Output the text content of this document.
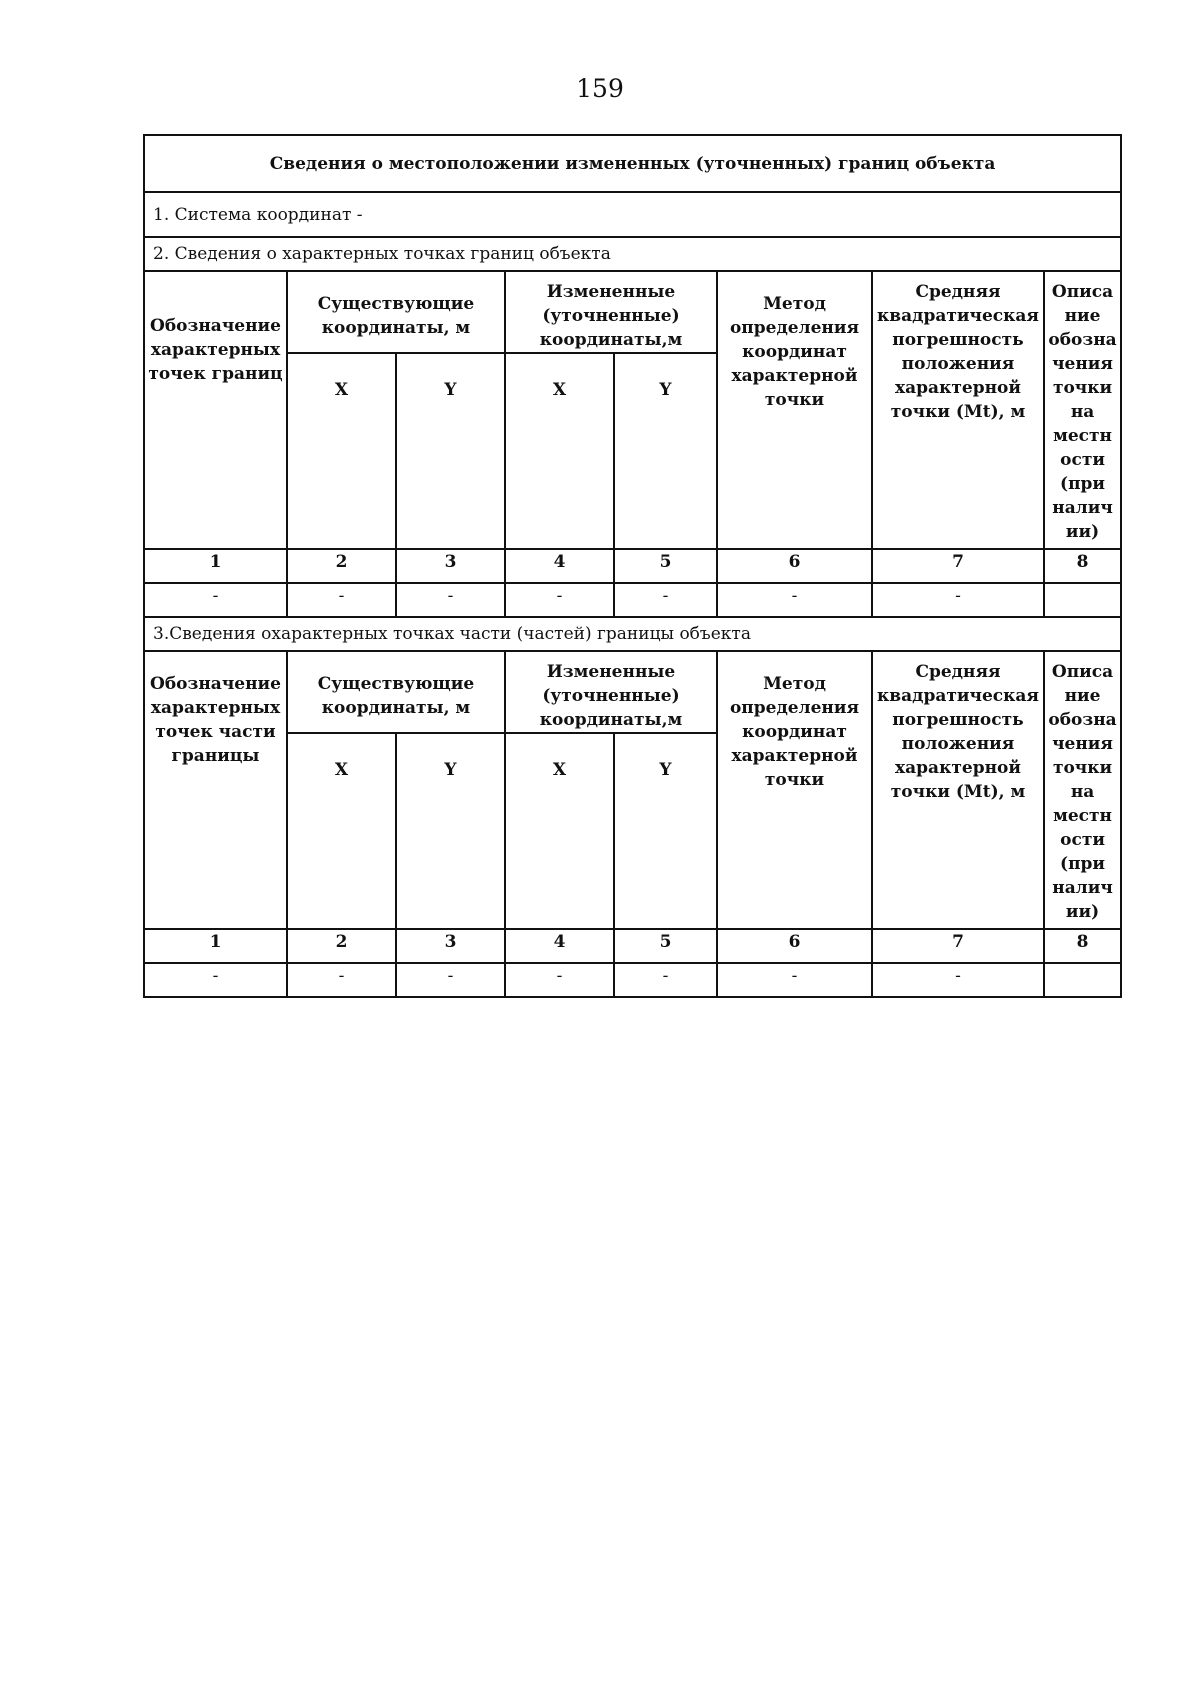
159
Сведения о местоположении измененных (уточненных) границ объекта							
1. Система координат -							
2. Сведения о характерных точках границ объекта							
Обозначение характерных точек границ	Существующие координаты, м		Измененные (уточненные) координаты,м		Метод определения координат характерной точки	Средняя квадратическая погрешность положения характерной точки (Mt), м	Описа ние обозна чения точки на местн ости (при налич ии)
	X	Y	X	Y			
1	2	3	4	5	6	7	8
-	-	-	-	-	-	-	
3.Сведения охарактерных точках части (частей) границы объекта							
Обозначение характерных точек части границы	Существующие координаты, м		Измененные (уточненные) координаты,м		Метод определения координат характерной точки	Средняя квадратическая погрешность положения характерной точки (Mt), м	Описа ние обозна чения точки на местн ости (при налич ии)
	X	Y	X	Y			
1	2	3	4	5	6	7	8
-	-	-	-	-	-	-	
